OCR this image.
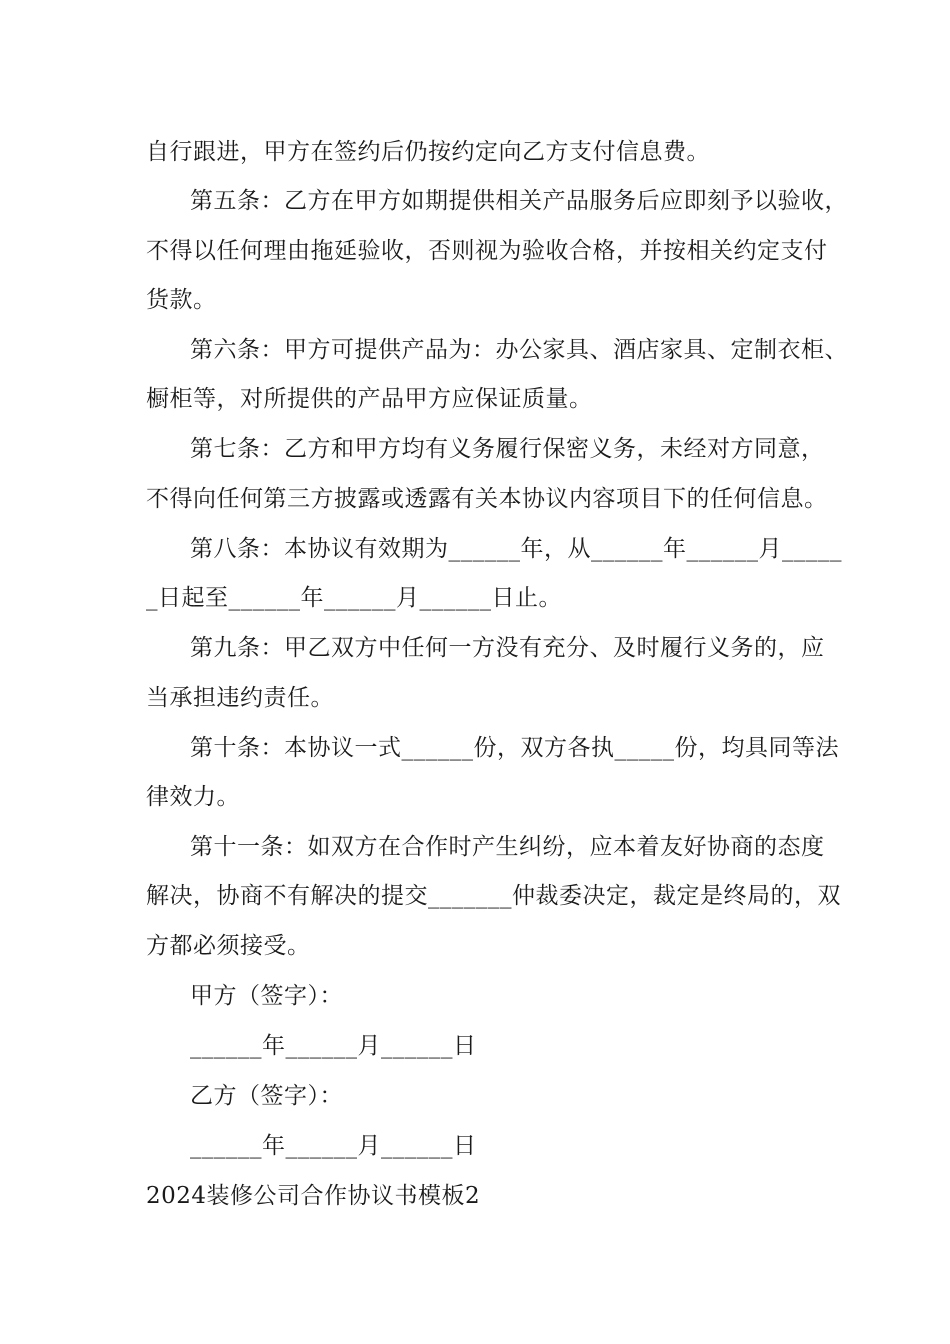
自行跟进，甲方在签约后仍按约定向乙方支付信息费。
第五条：乙方在甲方如期提供相关产品服务后应即刻予以验收，
不得以任何理由拖延验收，否则视为验收合格，并按相关约定支付
货款。
第六条：甲方可提供产品为：办公家具、酒店家具、定制衣柜、
橱柜等，对所提供的产品甲方应保证质量。
第七条：乙方和甲方均有义务履行保密义务，未经对方同意，
不得向任何第三方披露或透露有关本协议内容项目下的任何信息。
第八条：本协议有效期为______年，从______年______月_____
_日起至______年______月______日止。
第九条：甲乙双方中任何一方没有充分、及时履行义务的，应
当承担违约责任。
第十条：本协议一式______份，双方各执_____份，均具同等法
律效力。
第十一条：如双方在合作时产生纠纷，应本着友好协商的态度
解决，协商不有解决的提交_______仲裁委决定，裁定是终局的，双
方都必须接受。
甲方（签字）：
______年______月______日
乙方（签字）：
______年______月______日
2024装修公司合作协议书模板2
